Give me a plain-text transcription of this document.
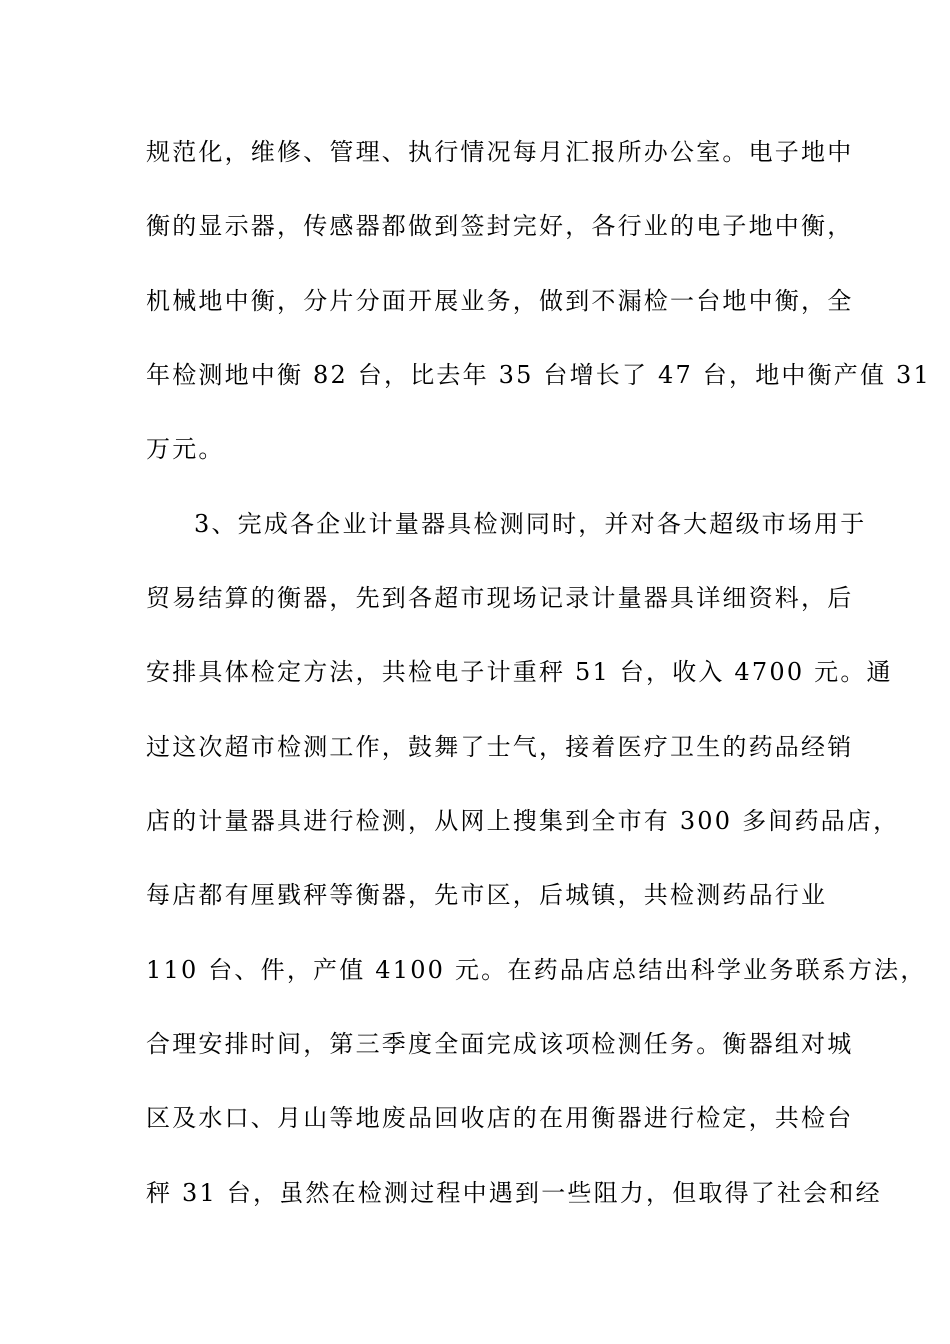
规范化，维修、管理、执行情况每月汇报所办公室。电子地中
衡的显示器，传感器都做到签封完好，各行业的电子地中衡，
机械地中衡，分片分面开展业务，做到不漏检一台地中衡，全
年检测地中衡 82 台，比去年 35 台增长了 47 台，地中衡产值 31
万元。
3、完成各企业计量器具检测同时，并对各大超级市场用于
贸易结算的衡器，先到各超市现场记录计量器具详细资料，后
安排具体检定方法，共检电子计重秤 51 台，收入 4700 元。通
过这次超市检测工作，鼓舞了士气，接着医疗卫生的药品经销
店的计量器具进行检测，从网上搜集到全市有 300 多间药品店，
每店都有厘戥秤等衡器，先市区，后城镇，共检测药品行业
110 台、件，产值 4100 元。在药品店总结出科学业务联系方法，
合理安排时间，第三季度全面完成该项检测任务。衡器组对城
区及水口、月山等地废品回收店的在用衡器进行检定，共检台
秤 31 台，虽然在检测过程中遇到一些阻力，但取得了社会和经
